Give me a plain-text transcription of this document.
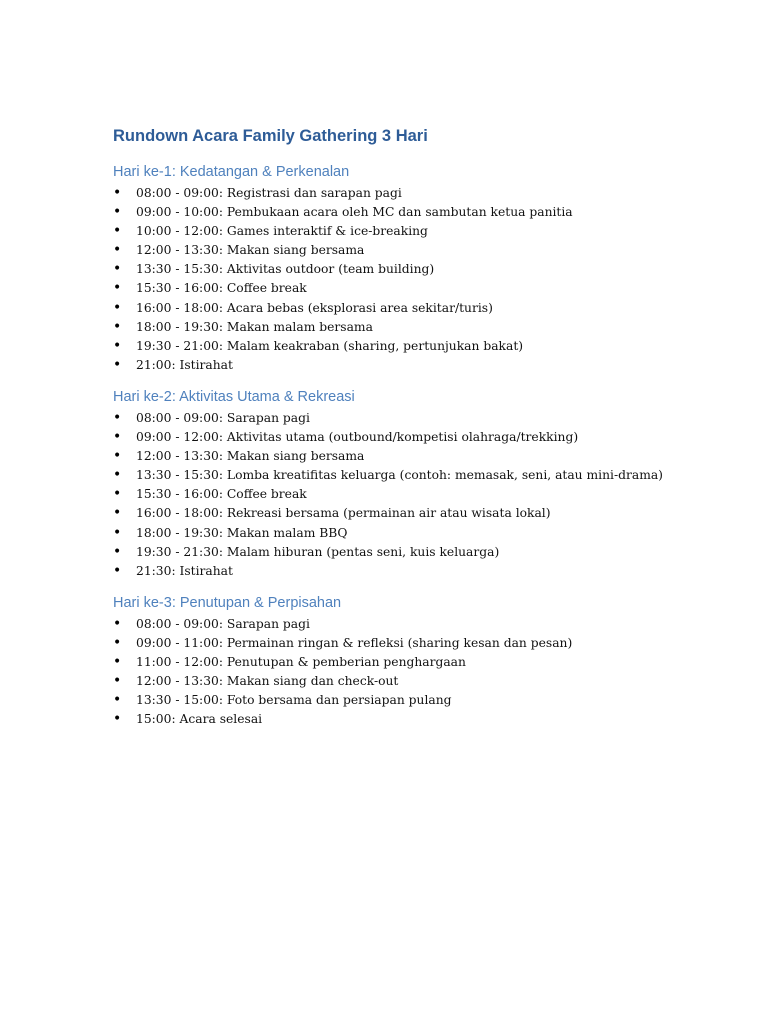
Rundown Acara Family Gathering 3 Hari
Hari ke-1: Kedatangan & Perkenalan
• 08:00 - 09:00: Registrasi dan sarapan pagi
• 09:00 - 10:00: Pembukaan acara oleh MC dan sambutan ketua panitia
• 10:00 - 12:00: Games interaktif & ice-breaking
• 12:00 - 13:30: Makan siang bersama
• 13:30 - 15:30: Aktivitas outdoor (team building)
• 15:30 - 16:00: Coffee break
• 16:00 - 18:00: Acara bebas (eksplorasi area sekitar/turis)
• 18:00 - 19:30: Makan malam bersama
• 19:30 - 21:00: Malam keakraban (sharing, pertunjukan bakat)
• 21:00: Istirahat
Hari ke-2: Aktivitas Utama & Rekreasi
• 08:00 - 09:00: Sarapan pagi
• 09:00 - 12:00: Aktivitas utama (outbound/kompetisi olahraga/trekking)
• 12:00 - 13:30: Makan siang bersama
• 13:30 - 15:30: Lomba kreatifitas keluarga (contoh: memasak, seni, atau mini-drama)
• 15:30 - 16:00: Coffee break
• 16:00 - 18:00: Rekreasi bersama (permainan air atau wisata lokal)
• 18:00 - 19:30: Makan malam BBQ
• 19:30 - 21:30: Malam hiburan (pentas seni, kuis keluarga)
• 21:30: Istirahat
Hari ke-3: Penutupan & Perpisahan
• 08:00 - 09:00: Sarapan pagi
• 09:00 - 11:00: Permainan ringan & refleksi (sharing kesan dan pesan)
• 11:00 - 12:00: Penutupan & pemberian penghargaan
• 12:00 - 13:30: Makan siang dan check-out
• 13:30 - 15:00: Foto bersama dan persiapan pulang
• 15:00: Acara selesai
